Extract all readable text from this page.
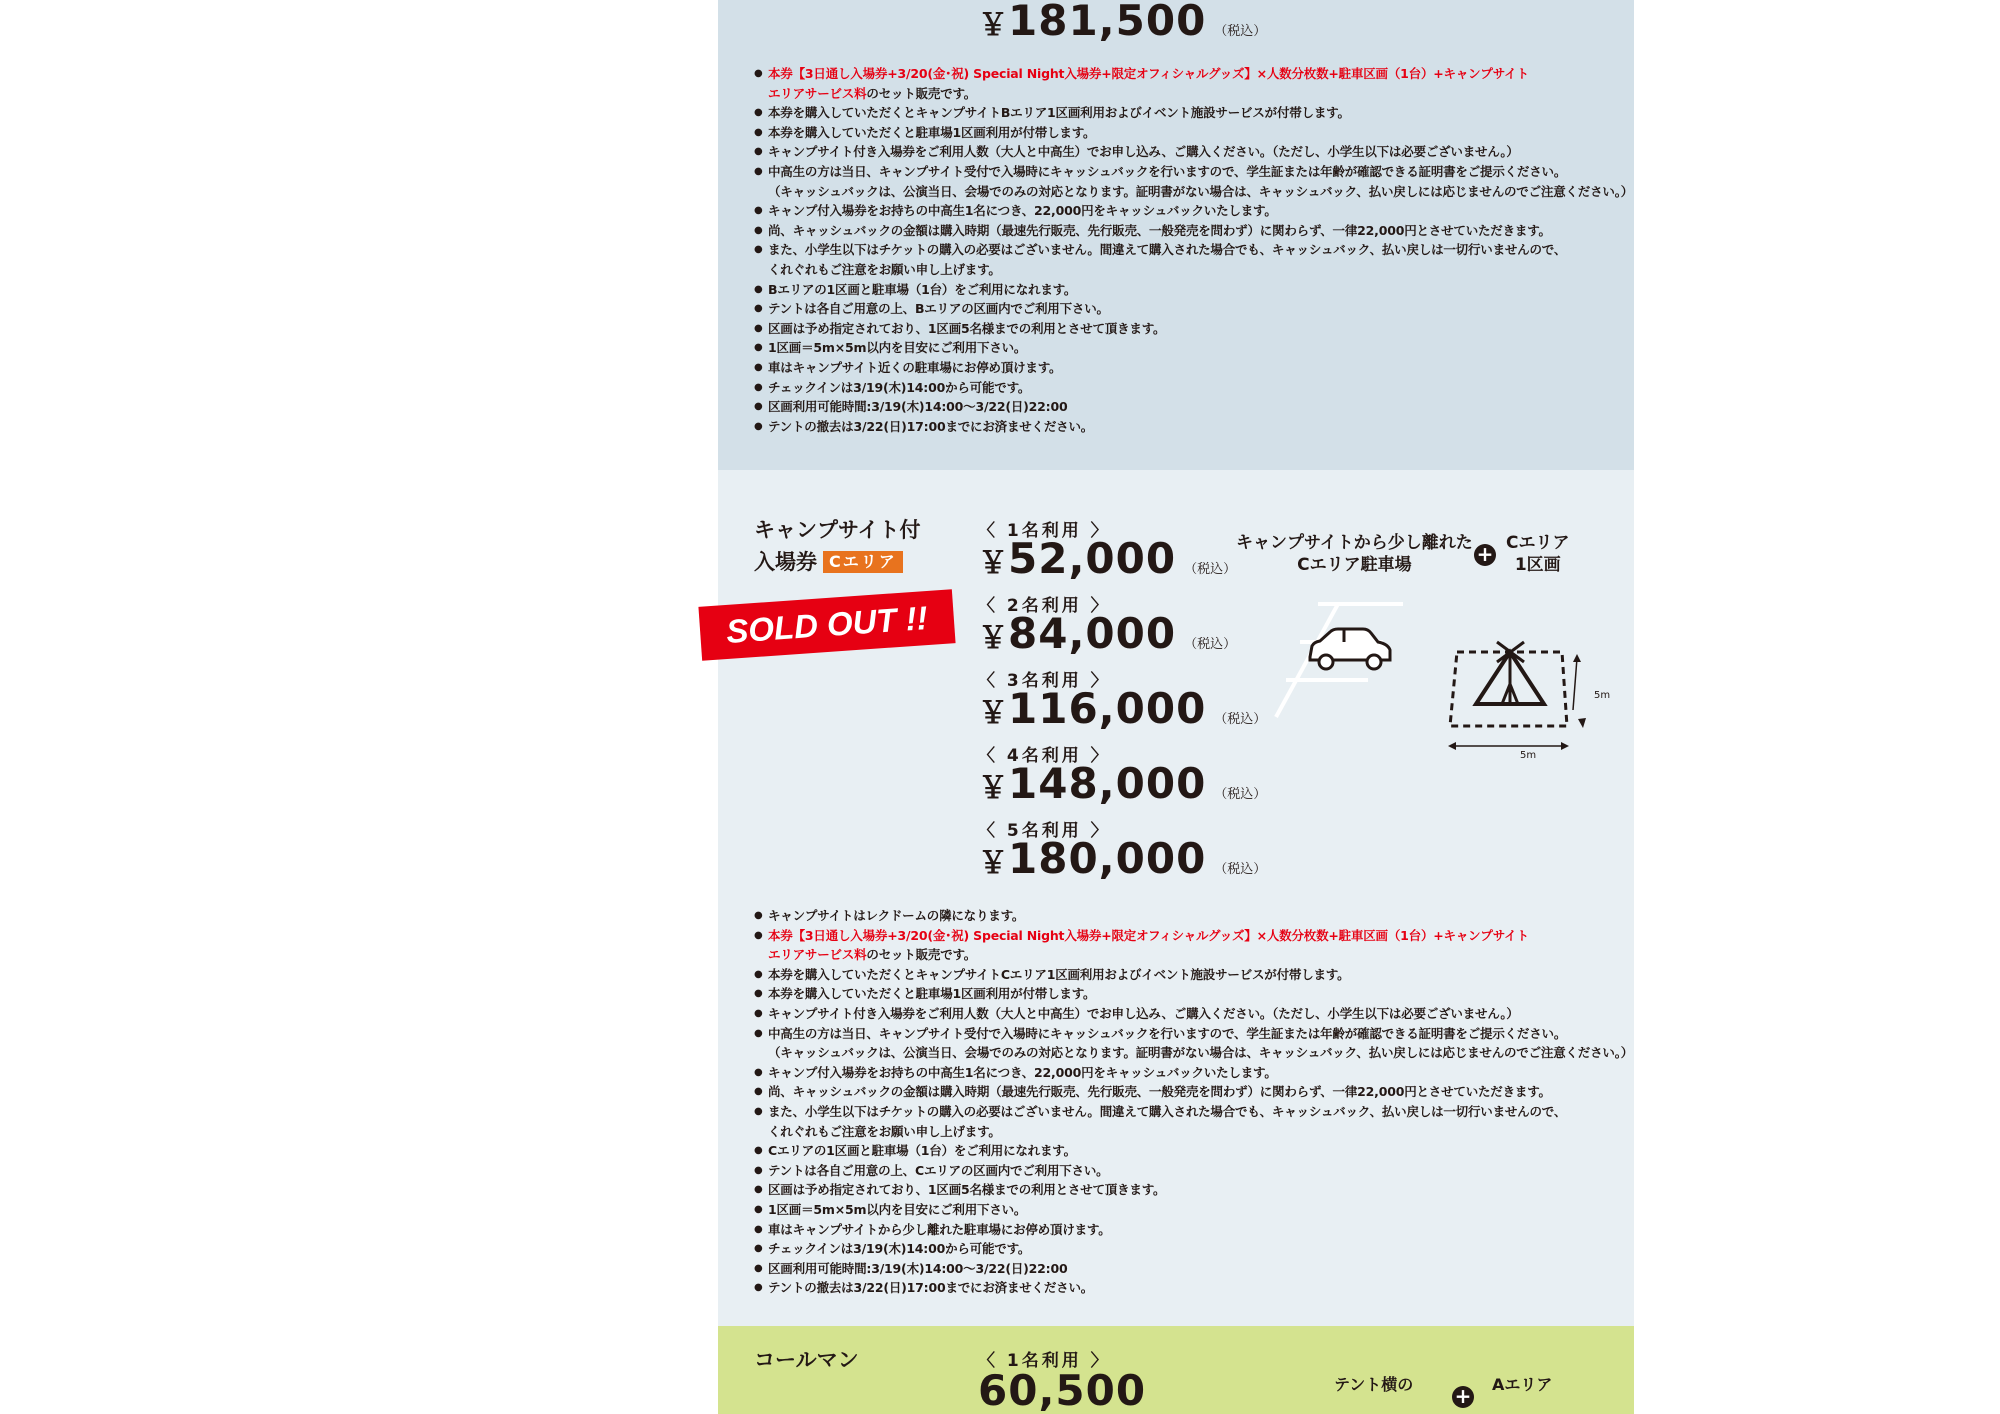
￥181,500 （税込）
● 本券【3日通し入場券+3/20(金･祝) Special Night入場券+限定オフィシャルグッズ】×人数分枚数+駐車区画（1台）+キャンプサイト
エリアサービス料のセット販売です。
● 本券を購入していただくとキャンプサイトBエリア1区画利用およびイベント施設サービスが付帯します。
● 本券を購入していただくと駐車場1区画利用が付帯します。
● キャンプサイト付き入場券をご利用人数（大人と中高生）でお申し込み、ご購入ください。（ただし、小学生以下は必要ございません。）
● 中高生の方は当日、キャンプサイト受付で入場時にキャッシュバックを行いますので、学生証または年齢が確認できる証明書をご提示ください。
（キャッシュバックは、公演当日、会場でのみの対応となります。証明書がない場合は、キャッシュバック、払い戻しには応じませんのでご注意ください。）
● キャンプ付入場券をお持ちの中高生1名につき、22,000円をキャッシュバックいたします。
● 尚、キャッシュバックの金額は購入時期（最速先行販売、先行販売、一般発売を問わず）に関わらず、一律22,000円とさせていただきます。
● また、小学生以下はチケットの購入の必要はございません。間違えて購入された場合でも、キャッシュバック、払い戻しは一切行いませんので、
くれぐれもご注意をお願い申し上げます。
● Bエリアの1区画と駐車場（1台）をご利用になれます。
● テントは各自ご用意の上、Bエリアの区画内でご利用下さい。
● 区画は予め指定されており、1区画5名様までの利用とさせて頂きます。
● 1区画＝5m×5m以内を目安にご利用下さい。
● 車はキャンプサイト近くの駐車場にお停め頂けます。
● チェックインは3/19(木)14:00から可能です。
● 区画利用可能時間:3/19(木)14:00〜3/22(日)22:00
● テントの撤去は3/22(日)17:00までにお済ませください。
キャンプサイト付
入場券 Cエリア
SOLD OUT !!
〈 1名利用 〉
￥52,000 （税込）
〈 2名利用 〉
￥84,000 （税込）
〈 3名利用 〉
￥116,000 （税込）
〈 4名利用 〉
￥148,000 （税込）
〈 5名利用 〉
￥180,000 （税込）
キャンプサイトから少し離れた
Cエリア駐車場	+ Cエリア
1区画
5m
5m
● キャンプサイトはレクドームの隣になります。
● 本券【3日通し入場券+3/20(金･祝) Special Night入場券+限定オフィシャルグッズ】×人数分枚数+駐車区画（1台）+キャンプサイト
エリアサービス料のセット販売です。
● 本券を購入していただくとキャンプサイトCエリア1区画利用およびイベント施設サービスが付帯します。
● 本券を購入していただくと駐車場1区画利用が付帯します。
● キャンプサイト付き入場券をご利用人数（大人と中高生）でお申し込み、ご購入ください。（ただし、小学生以下は必要ございません。）
● 中高生の方は当日、キャンプサイト受付で入場時にキャッシュバックを行いますので、学生証または年齢が確認できる証明書をご提示ください。
（キャッシュバックは、公演当日、会場でのみの対応となります。証明書がない場合は、キャッシュバック、払い戻しには応じませんのでご注意ください。）
● キャンプ付入場券をお持ちの中高生1名につき、22,000円をキャッシュバックいたします。
● 尚、キャッシュバックの金額は購入時期（最速先行販売、先行販売、一般発売を問わず）に関わらず、一律22,000円とさせていただきます。
● また、小学生以下はチケットの購入の必要はございません。間違えて購入された場合でも、キャッシュバック、払い戻しは一切行いませんので、
くれぐれもご注意をお願い申し上げます。
● Cエリアの1区画と駐車場（1台）をご利用になれます。
● テントは各自ご用意の上、Cエリアの区画内でご利用下さい。
● 区画は予め指定されており、1区画5名様までの利用とさせて頂きます。
● 1区画＝5m×5m以内を目安にご利用下さい。
● 車はキャンプサイトから少し離れた駐車場にお停め頂けます。
● チェックインは3/19(木)14:00から可能です。
● 区画利用可能時間:3/19(木)14:00〜3/22(日)22:00
● テントの撤去は3/22(日)17:00までにお済ませください。
コールマン	〈 1名利用 〉
60,500	テント横の + Aエリア
